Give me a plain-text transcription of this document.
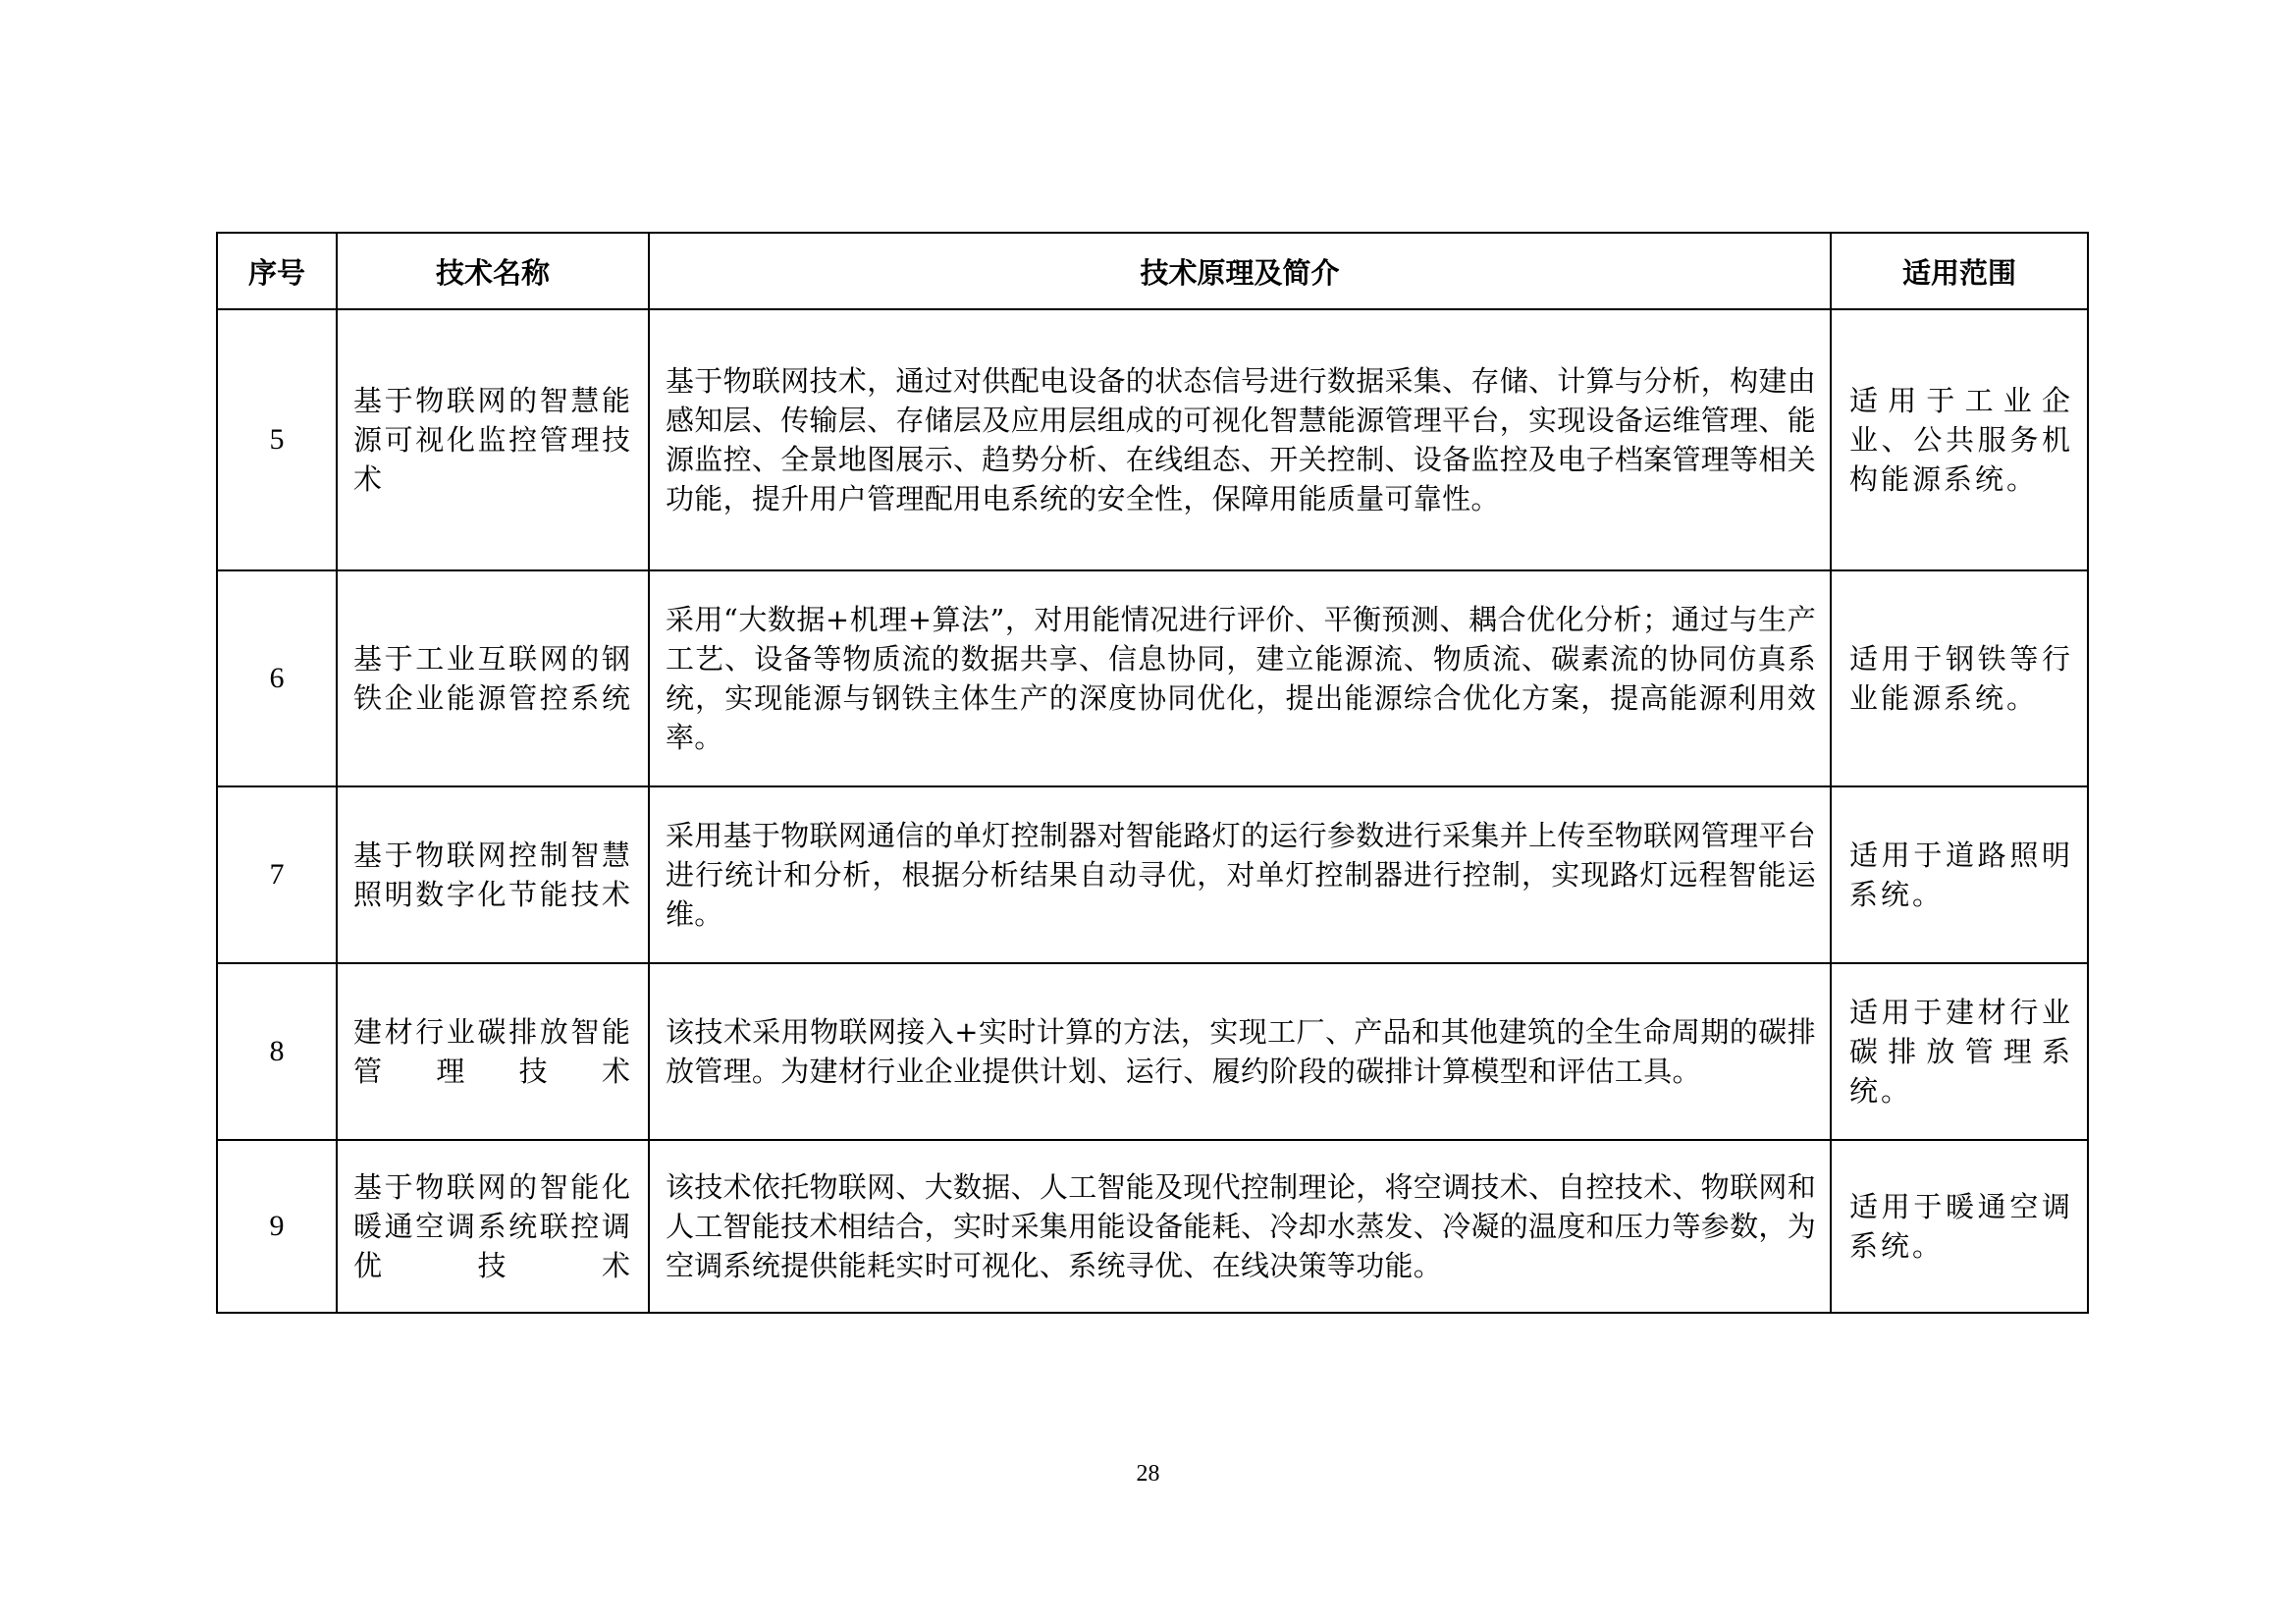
序号	技术名称	技术原理及简介	适用范围
5	基于物联网的智慧能源可视化监控管理技术	基于物联网技术，通过对供配电设备的状态信号进行数据采集、存储、计算与分析，构建由感知层、传输层、存储层及应用层组成的可视化智慧能源管理平台，实现设备运维管理、能源监控、全景地图展示、趋势分析、在线组态、开关控制、设备监控及电子档案管理等相关功能，提升用户管理配用电系统的安全性，保障用能质量可靠性。	适用于工业企业、公共服务机构能源系统。
6	基于工业互联网的钢铁企业能源管控系统	采用“大数据+机理+算法”，对用能情况进行评价、平衡预测、耦合优化分析；通过与生产工艺、设备等物质流的数据共享、信息协同，建立能源流、物质流、碳素流的协同仿真系统，实现能源与钢铁主体生产的深度协同优化，提出能源综合优化方案，提高能源利用效率。	适用于钢铁等行业能源系统。
7	基于物联网控制智慧照明数字化节能技术	采用基于物联网通信的单灯控制器对智能路灯的运行参数进行采集并上传至物联网管理平台进行统计和分析，根据分析结果自动寻优，对单灯控制器进行控制，实现路灯远程智能运维。	适用于道路照明系统。
8	建材行业碳排放智能管理技术	该技术采用物联网接入+实时计算的方法，实现工厂、产品和其他建筑的全生命周期的碳排放管理。为建材行业企业提供计划、运行、履约阶段的碳排计算模型和评估工具。	适用于建材行业碳排放管理系统。
9	基于物联网的智能化暖通空调系统联控调优技术	该技术依托物联网、大数据、人工智能及现代控制理论，将空调技术、自控技术、物联网和人工智能技术相结合，实时采集用能设备能耗、冷却水蒸发、冷凝的温度和压力等参数，为空调系统提供能耗实时可视化、系统寻优、在线决策等功能。	适用于暖通空调系统。
28
